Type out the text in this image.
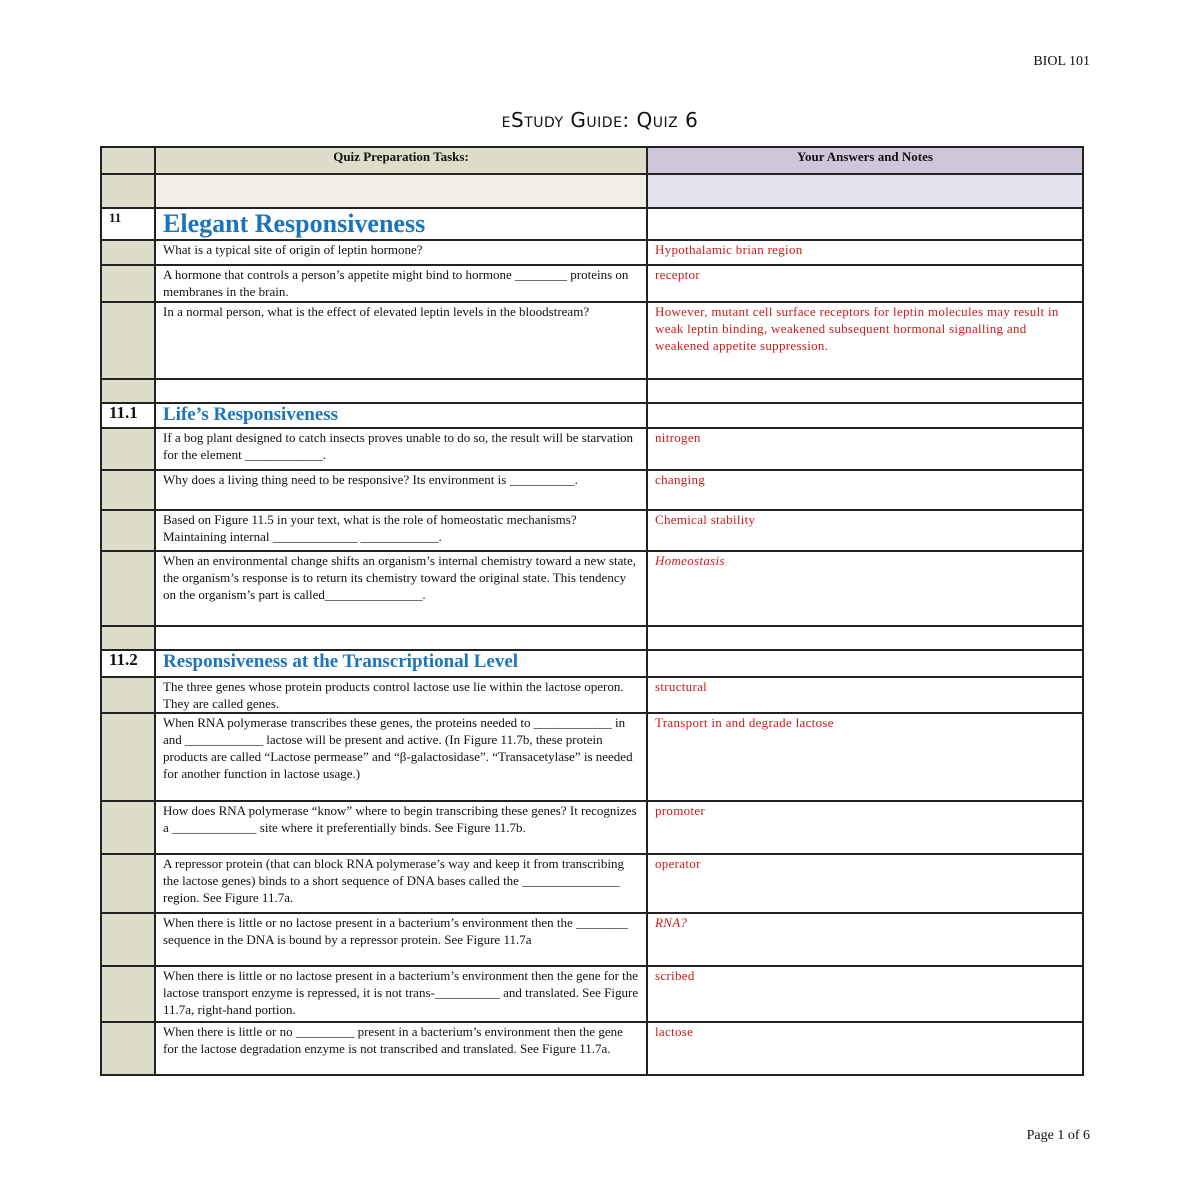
BIOL 101
eStudy Guide: Quiz 6
	Quiz Preparation Tasks:	Your Answers and Notes

11	Elegant Responsiveness	
	What is a typical site of origin of leptin hormone?	Hypothalamic brian region
	A hormone that controls a person’s appetite might bind to hormone ________ proteins on membranes in the brain.	receptor
	In a normal person, what is the effect of elevated leptin levels in the bloodstream?	However, mutant cell surface receptors for leptin molecules may result in weak leptin binding, weakened subsequent hormonal signalling and weakened appetite suppression.

11.1	Life’s Responsiveness	
	If a bog plant designed to catch insects proves unable to do so, the result will be starvation for the element ____________.	nitrogen
	Why does a living thing need to be responsive? Its environment is __________.	changing
	Based on Figure 11.5 in your text, what is the role of homeostatic mechanisms? Maintaining internal _____________ ____________.	Chemical stability
	When an environmental change shifts an organism’s internal chemistry toward a new state, the organism’s response is to return its chemistry toward the original state. This tendency on the organism’s part is called_______________.	Homeostasis

11.2	Responsiveness at the Transcriptional Level	
	The three genes whose protein products control lactose use lie within the lactose operon. They are called genes.	structural
	When RNA polymerase transcribes these genes, the proteins needed to ____________ in and ____________ lactose will be present and active. (In Figure 11.7b, these protein products are called “Lactose permease” and “β-galactosidase”. “Transacetylase” is needed for another function in lactose usage.)	Transport in and degrade lactose
	How does RNA polymerase “know” where to begin transcribing these genes? It recognizes a _____________ site where it preferentially binds. See Figure 11.7b.	promoter
	A repressor protein (that can block RNA polymerase’s way and keep it from transcribing the lactose genes) binds to a short sequence of DNA bases called the _______________ region. See Figure 11.7a.	operator
	When there is little or no lactose present in a bacterium’s environment then the ________ sequence in the DNA is bound by a repressor protein. See Figure 11.7a	RNA?
	When there is little or no lactose present in a bacterium’s environment then the gene for the lactose transport enzyme is repressed, it is not trans-__________ and translated. See Figure 11.7a, right-hand portion.	scribed
	When there is little or no _________ present in a bacterium’s environment then the gene for the lactose degradation enzyme is not transcribed and translated. See Figure 11.7a.	lactose
Page 1 of 6
